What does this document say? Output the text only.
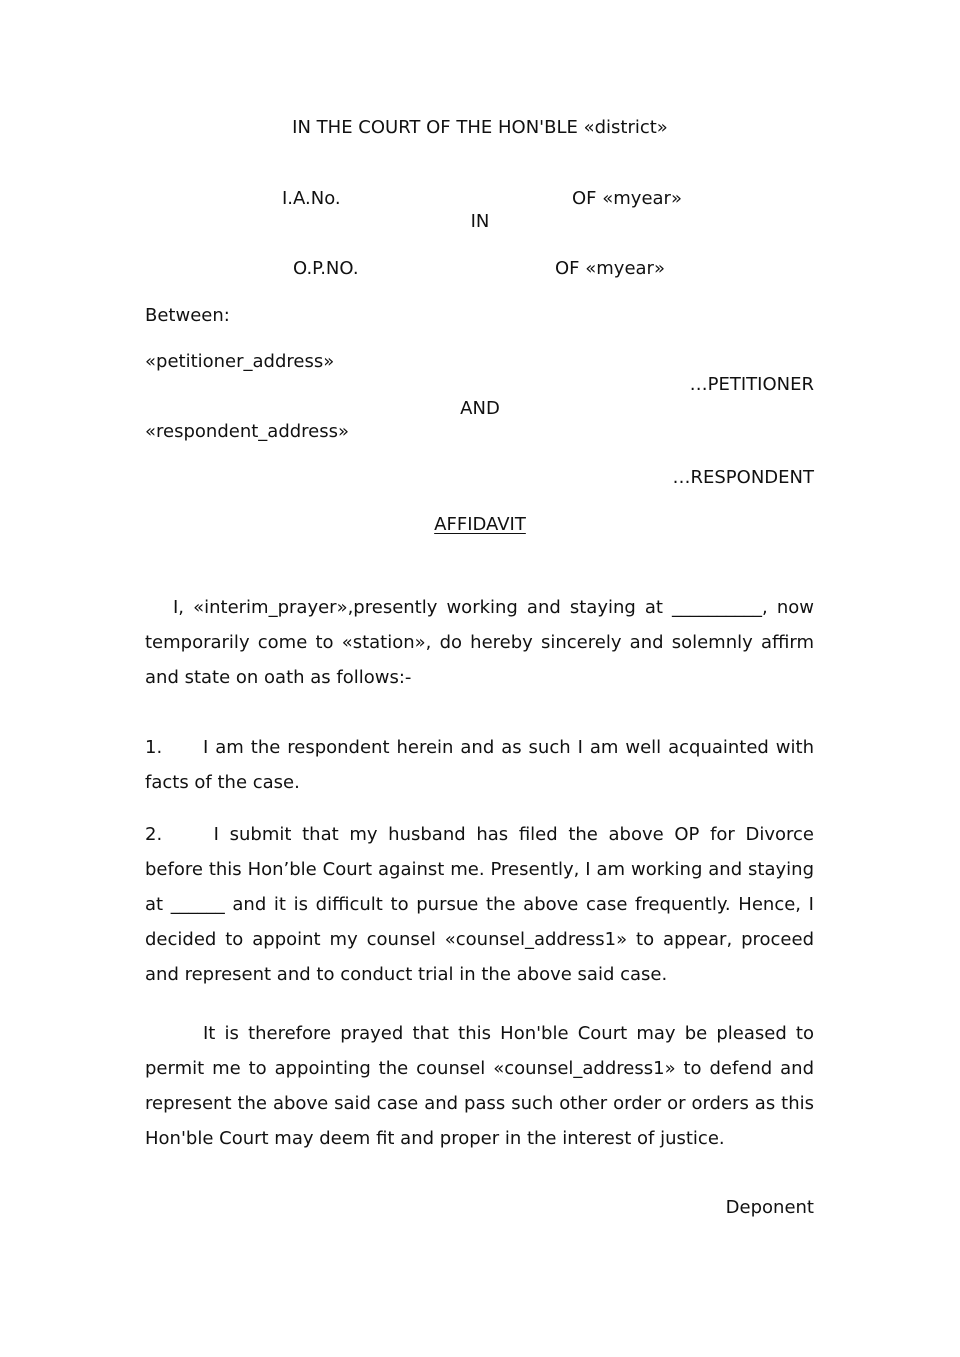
IN THE COURT OF THE HON'BLE «district»
I.A.No.	OF «myear»
IN
O.P.NO.	OF «myear»
Between:
«petitioner_address»
…PETITIONER
AND
«respondent_address»
…RESPONDENT
AFFIDAVIT

I, «interim_prayer»,presently working and staying at __________, now temporarily come to «station», do hereby sincerely and solemnly affirm and state on oath as follows:-

1. I am the respondent herein and as such I am well acquainted with facts of the case.

2. I submit that my husband has filed the above OP for Divorce before this Hon’ble Court against me. Presently, I am working and staying at ______ and it is difficult to pursue the above case frequently. Hence, I decided to appoint my counsel «counsel_address1» to appear, proceed and represent and to conduct trial in the above said case.

It is therefore prayed that this Hon'ble Court may be pleased to permit me to appointing the counsel «counsel_address1» to defend and represent the above said case and pass such other order or orders as this Hon'ble Court may deem fit and proper in the interest of justice.

Deponent
